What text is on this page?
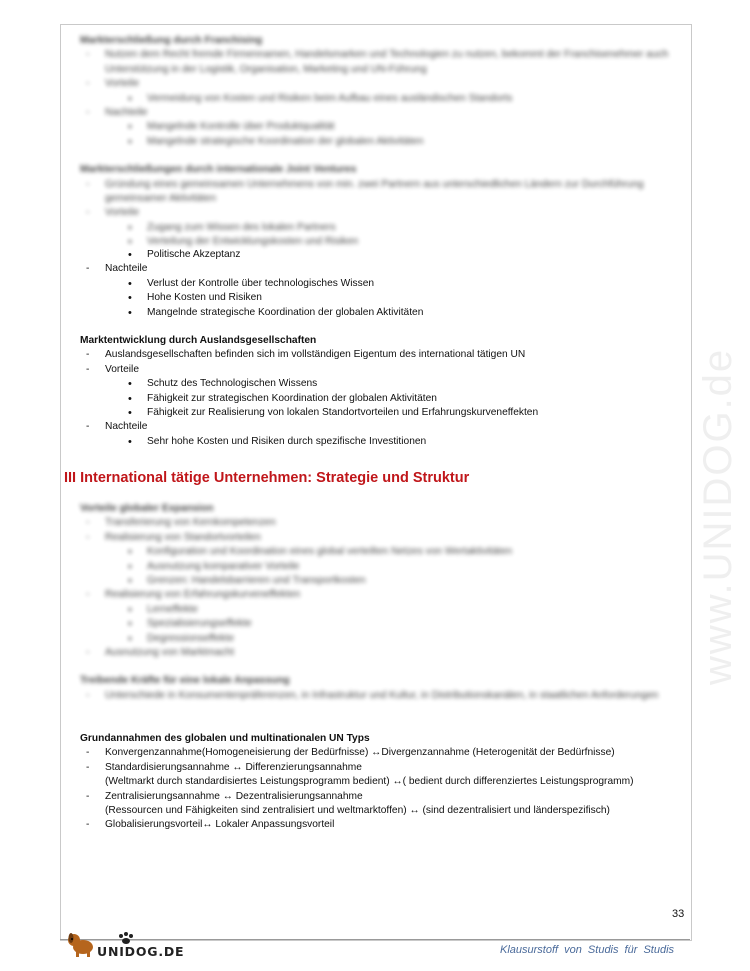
www.UNIDOG.de
Markterschließung durch Franchising
- Nutzen dem Recht fremde Firmennamen, Handelsmarken und Technologien zu nutzen, bekommt der Franchisenehmer auch Unterstützung in der Logistik, Organisation, Marketing und UN-Führung
- Vorteile
• Vermeidung von Kosten und Risiken beim Aufbau eines ausländischen Standorts
- Nachteile
• Mangelnde Kontrolle über Produktqualität
• Mangelnde strategische Koordination der globalen Aktivitäten
Markterschließungen durch internationale Joint Ventures
- Gründung eines gemeinsamen Unternehmens von min. zwei Partnern aus unterschiedlichen Ländern zur Durchführung gemeinsamer Aktivitäten
- Vorteile
• Zugang zum Wissen des lokalen Partners
• Verteilung der Entwicklungskosten und Risiken
• Politische Akzeptanz
- Nachteile
• Verlust der Kontrolle über technologisches Wissen
• Hohe Kosten und Risiken
• Mangelnde strategische Koordination der globalen Aktivitäten
Marktentwicklung durch Auslandsgesellschaften
- Auslandsgesellschaften befinden sich im vollständigen Eigentum des international tätigen UN
- Vorteile
• Schutz des Technologischen Wissens
• Fähigkeit zur strategischen Koordination der globalen Aktivitäten
• Fähigkeit zur Realisierung von lokalen Standortvorteilen und Erfahrungskurveneffekten
- Nachteile
• Sehr hohe Kosten und Risiken durch spezifische Investitionen
III International tätige Unternehmen: Strategie und Struktur
Vorteile globaler Expansion
- Transferierung von Kernkompetenzen
- Realisierung von Standortvorteilen
• Konfiguration und Koordination eines global verteilten Netzes von Wertaktivitäten
• Ausnutzung komparativer Vorteile
• Grenzen: Handelsbarrieren und Transportkosten
- Realisierung von Erfahrungskurveneffekten
• Lerneffekte
• Spezialisierungseffekte
• Degressionseffekte
- Ausnutzung von Marktmacht
Treibende Kräfte für eine lokale Anpassung
- Unterschiede in Konsumentenpräferenzen, in Infrastruktur und Kultur, in Distributionskanälen, in staatlichen Anforderungen
Grundannahmen des globalen und multinationalen UN Typs
- Konvergenzannahme(Homogeneisierung der Bedürfnisse) ↔Divergenzannahme (Heterogenität der Bedürfnisse)
- Standardisierungsannahme ↔ Differenzierungsannahme
(Weltmarkt durch standardisiertes Leistungsprogramm bedient) ↔( bedient durch differenziertes Leistungsprogramm)
- Zentralisierungsannahme ↔ Dezentralisierungsannahme
(Ressourcen und Fähigkeiten sind zentralisiert und weltmarktoffen) ↔ (sind dezentralisiert und länderspezifisch)
- Globalisierungsvorteil↔ Lokaler Anpassungsvorteil
33
UNIDOG.DE	Klausurstoff von Studis für Studis
